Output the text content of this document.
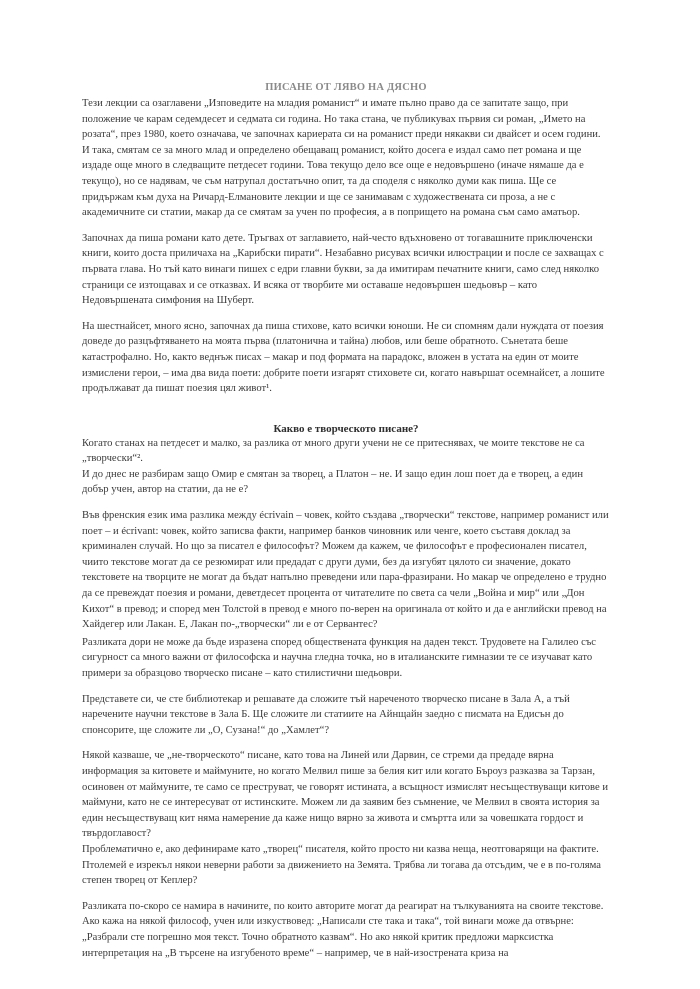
ПИСАНЕ ОТ ЛЯВО НА ДЯСНО

Тези лекции са озаглавени „Изповедите на младия романист“ и имате пълно право да се запитате защо, при положение че карам седемдесет и седмата си година. Но така стана, че публикувах първия си роман, „Името на розата“, през 1980, което означава, че започнах кариерата си на романист преди някакви си двайсет и осем години. И така, смятам се за много млад и определено обещаващ романист, който досега е издал само пет романа и ще издаде още много в следващите петдесет години. Това текущо дело все още е недовършено (иначе нямаше да е текущо), но се надявам, че съм натрупал достатъчно опит, та да споделя с няколко думи как пиша. Ще се придържам към духа на Ричард-Елмановите лекции и ще се занимавам с художествената си проза, а не с академичните си статии, макар да се смятам за учен по професия, а в попрището на романа съм само аматьор.

Започнах да пиша романи като дете. Тръгвах от заглавието, най-често вдъхновено от тогавашните приключенски книги, които доста приличаха на „Карибски пирати“. Незабавно рисувах всички илюстрации и после се захващах с първата глава. Но тъй като винаги пишех с едри главни букви, за да имитирам печатните книги, само след няколко страници се изтощавах и се отказвах. И всяка от творбите ми оставаше недовършен шедьовър – като Недовършената симфония на Шуберт.

На шестнайсет, много ясно, започнах да пиша стихове, като всички юноши. Не си спомням дали нуждата от поезия доведе до разцъфтяването на моята първа (платонична и тайна) любов, или беше обратното. Сънетата беше катастрофално. Но, както веднъж писах – макар и под формата на парадокс, вложен в устата на един от моите измислени герои, – има два вида поети: добрите поети изгарят стиховете си, когато навършат осемнайсет, а лошите продължават да пишат поезия цял живот¹.

Какво е творческото писане?

Когато станах на петдесет и малко, за разлика от много други учени не се притеснявах, че моите текстове не са „творчески“².

И до днес не разбирам защо Омир е смятан за творец, а Платон – не. И защо един лош поет да е творец, а един добър учен, автор на статии, да не е?

Във френския език има разлика между écrivain – човек, който създава „творчески“ текстове, например романист или поет – и écrivant: човек, който записва факти, например банков чиновник или ченге, което съставя доклад за криминален случай. Но що за писател е философът? Можем да кажем, че философът е професионален писател, чиито текстове могат да се резюмират или предадат с други думи, без да изгубят цялото си значение, докато текстовете на творците не могат да бъдат напълно преведени или пара-фразирани. Но макар че определено е трудно да се превеждат поезия и романи, деветдесет процента от читателите по света са чели „Война и мир“ или „Дон Кихот“ в превод; и според мен Толстой в превод е много по-верен на оригинала от който и да е английски превод на Хайдегер или Лакан. Е, Лакан по-„творчески“ ли е от Сервантес?

Разликата дори не може да бъде изразена според обществената функция на даден текст. Трудовете на Галилео със сигурност са много важни от философска и научна гледна точка, но в италианските гимназии те се изучават като примери за образцово творческо писане – като стилистични шедьоври.

Представете си, че сте библиотекар и решавате да сложите тъй нареченото творческо писане в Зала А, а тъй наречените научни текстове в Зала Б. Ще сложите ли статиите на Айнщайн заедно с писмата на Едисън до спонсорите, ще сложите ли „О, Сузана!“ до „Хамлет“?

Някой казваше, че „не-творческото“ писане, като това на Линей или Дарвин, се стреми да предаде вярна информация за китовете и маймуните, но когато Мелвил пише за белия кит или когато Бъроуз разказва за Тарзан, осиновен от маймуните, те само се преструват, че говорят истината, а всъщност измислят несъществуващи китове и маймуни, като не се интересуват от истинските. Можем ли да заявим без съмнение, че Мелвил в своята история за един несъществуващ кит няма намерение да каже нищо вярно за живота и смъртта или за човешката гордост и твърдоглавост?

Проблематично е, ако дефинираме като „творец“ писателя, който просто ни казва неща, неотговарящи на фактите. Птолемей е изрекъл някои неверни работи за движението на Земята. Трябва ли тогава да отсъдим, че е в по-голяма степен творец от Кеплер?

Разликата по-скоро се намира в начините, по които авторите могат да реагират на тълкуванията на своите текстове. Ако кажа на някой философ, учен или изкуствовед: „Написали сте така и така“, той винаги може да отвърне: „Разбрали сте погрешно моя текст. Точно обратното казвам“. Но ако някой критик предложи марксистка интерпретация на „В търсене на изгубеното време“ – например, че в най-изострената криза на
